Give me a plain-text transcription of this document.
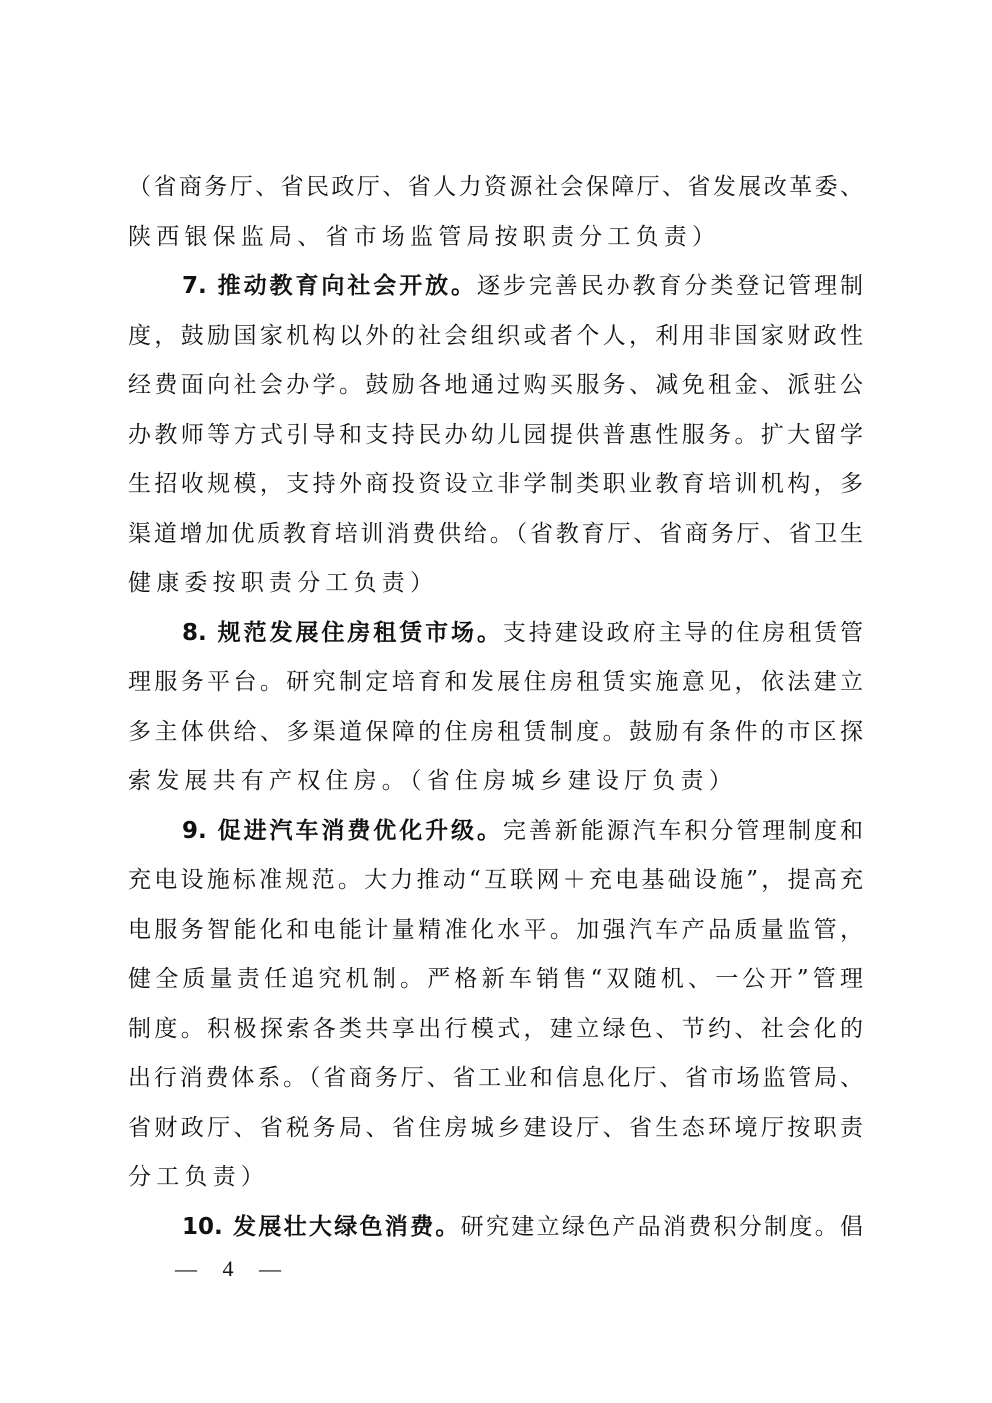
（省商务厅、省民政厅、省人力资源社会保障厅、省发展改革委、
陕西银保监局、省市场监管局按职责分工负责）
7. 推动教育向社会开放。逐步完善民办教育分类登记管理制
度，鼓励国家机构以外的社会组织或者个人，利用非国家财政性
经费面向社会办学。鼓励各地通过购买服务、减免租金、派驻公
办教师等方式引导和支持民办幼儿园提供普惠性服务。扩大留学
生招收规模，支持外商投资设立非学制类职业教育培训机构，多
渠道增加优质教育培训消费供给。（省教育厅、省商务厅、省卫生
健康委按职责分工负责）
8. 规范发展住房租赁市场。支持建设政府主导的住房租赁管
理服务平台。研究制定培育和发展住房租赁实施意见，依法建立
多主体供给、多渠道保障的住房租赁制度。鼓励有条件的市区探
索发展共有产权住房。（省住房城乡建设厅负责）
9. 促进汽车消费优化升级。完善新能源汽车积分管理制度和
充电设施标准规范。大力推动“互联网＋充电基础设施”，提高充
电服务智能化和电能计量精准化水平。加强汽车产品质量监管，
健全质量责任追究机制。严格新车销售“双随机、一公开”管理
制度。积极探索各类共享出行模式，建立绿色、节约、社会化的
出行消费体系。（省商务厅、省工业和信息化厅、省市场监管局、
省财政厅、省税务局、省住房城乡建设厅、省生态环境厅按职责
分工负责）
10. 发展壮大绿色消费。研究建立绿色产品消费积分制度。倡
— 4 —
